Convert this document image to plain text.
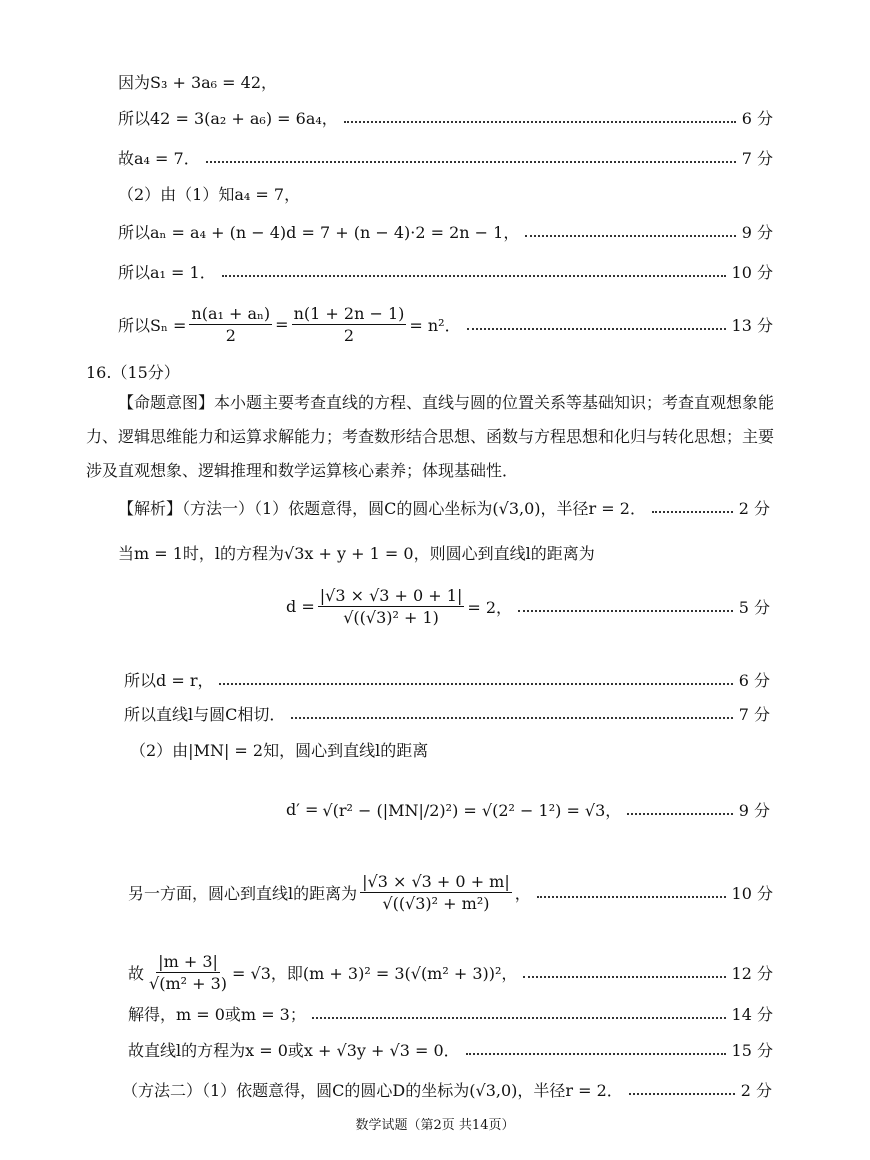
因为S₃ + 3a₆ = 42，
所以42 = 3(a₂ + a₆) = 6a₄，	6 分
故a₄ = 7．	7 分
（2）由（1）知a₄ = 7，
所以aₙ = a₄ + (n − 4)d = 7 + (n − 4)·2 = 2n − 1，	9 分
所以a₁ = 1．	10 分
所以$S_n = \frac{\text{n(a₁ + aₙ)}}{2} = \frac{n(1 + 2n - 1)}{2} = n^2$．	13 分
16.（15分）
【命题意图】本小题主要考查直线的方程、直线与圆的位置关系等基础知识；考查直观想象能力、逻辑思维能力和运算求解能力；考查数形结合思想、函数与方程思想和化归与转化思想；主要涉及直观想象、逻辑推理和数学运算核心素养；体现基础性．
【解析】（方法一）（1）依题意得，圆C的圆心坐标为(√3,0)，半径r = 2．	2 分
当m = 1时，l的方程为√3x + y + 1 = 0，则圆心到直线l的距离为
$d = \frac{|√3 \times √3 + 0 + 1|}{\text{√((√3)² + 1)}} = 2$，	5 分
所以d = r，	6 分
所以直线l与圆C相切．	7 分
（2）由|MN| = 2知，圆心到直线l的距离
d′ = √(r² − (|MN|/2)²) = √(2² − 1²) = √3，	9 分
另一方面，圆心到直线l的距离为 $\frac{|√3 \times √3 + 0 + m|}{\text{√((√3)² + m²)}}$ ，	10 分
故 $\frac{|m + 3|}{\text{√(m² + 3)}} = √3$，即(m + 3)² = 3(√(m² + 3))²，	12 分
解得，m = 0或m = 3；	14 分
故直线l的方程为x = 0或x + √3y + √3 = 0．	15 分
（方法二）（1）依题意得，圆C的圆心D的坐标为(√3,0)，半径r = 2．	2 分
数学试题（第2页 共14页）
